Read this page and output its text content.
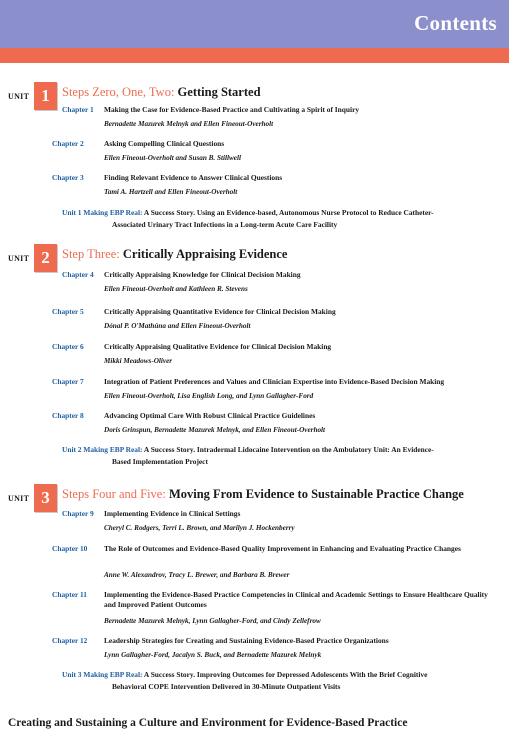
Contents
UNIT 1 Steps Zero, One, Two: Getting Started
Chapter 1	Making the Case for Evidence-Based Practice and Cultivating a Spirit of Inquiry
Bernadette Mazurek Melnyk and Ellen Fineout-Overholt
Chapter 2	Asking Compelling Clinical Questions
Ellen Fineout-Overholt and Susan B. Stillwell
Chapter 3	Finding Relevant Evidence to Answer Clinical Questions
Tami A. Hartzell and Ellen Fineout-Overholt
Unit 1 Making EBP Real: A Success Story. Using an Evidence-based, Autonomous Nurse Protocol to Reduce Catheter-
Associated Urinary Tract Infections in a Long-term Acute Care Facility
UNIT 2 Step Three: Critically Appraising Evidence
Chapter 4	Critically Appraising Knowledge for Clinical Decision Making
Ellen Fineout-Overholt and Kathleen R. Stevens
Chapter 5	Critically Appraising Quantitative Evidence for Clinical Decision Making
Dónal P. O'Mathúna and Ellen Fineout-Overholt
Chapter 6	Critically Appraising Qualitative Evidence for Clinical Decision Making
Mikki Meadows-Oliver
Chapter 7	Integration of Patient Preferences and Values and Clinician Expertise into Evidence-Based Decision Making
Ellen Fineout-Overholt, Lisa English Long, and Lynn Gallagher-Ford
Chapter 8	Advancing Optimal Care With Robust Clinical Practice Guidelines
Doris Grinspun, Bernadette Mazurek Melnyk, and Ellen Fineout-Overholt
Unit 2 Making EBP Real: A Success Story. Intradermal Lidocaine Intervention on the Ambulatory Unit: An Evidence-
Based Implementation Project
UNIT 3 Steps Four and Five: Moving From Evidence to Sustainable Practice Change
Chapter 9	Implementing Evidence in Clinical Settings
Cheryl C. Rodgers, Terri L. Brown, and Marilyn J. Hockenberry
Chapter 10	The Role of Outcomes and Evidence-Based Quality Improvement in Enhancing and Evaluating Practice Changes
Anne W. Alexandrov, Tracy L. Brewer, and Barbara B. Brewer
Chapter 11	Implementing the Evidence-Based Practice Competencies in Clinical and Academic Settings to Ensure Healthcare Quality and Improved Patient Outcomes
Bernadette Mazurek Melnyk, Lynn Gallagher-Ford, and Cindy Zellefrow
Chapter 12	Leadership Strategies for Creating and Sustaining Evidence-Based Practice Organizations
Lynn Gallagher-Ford, Jacalyn S. Buck, and Bernadette Mazurek Melnyk
Unit 3 Making EBP Real: A Success Story. Improving Outcomes for Depressed Adolescents With the Brief Cognitive
Behavioral COPE Intervention Delivered in 30-Minute Outpatient Visits
Creating and Sustaining a Culture and Environment for Evidence-Based Practice
